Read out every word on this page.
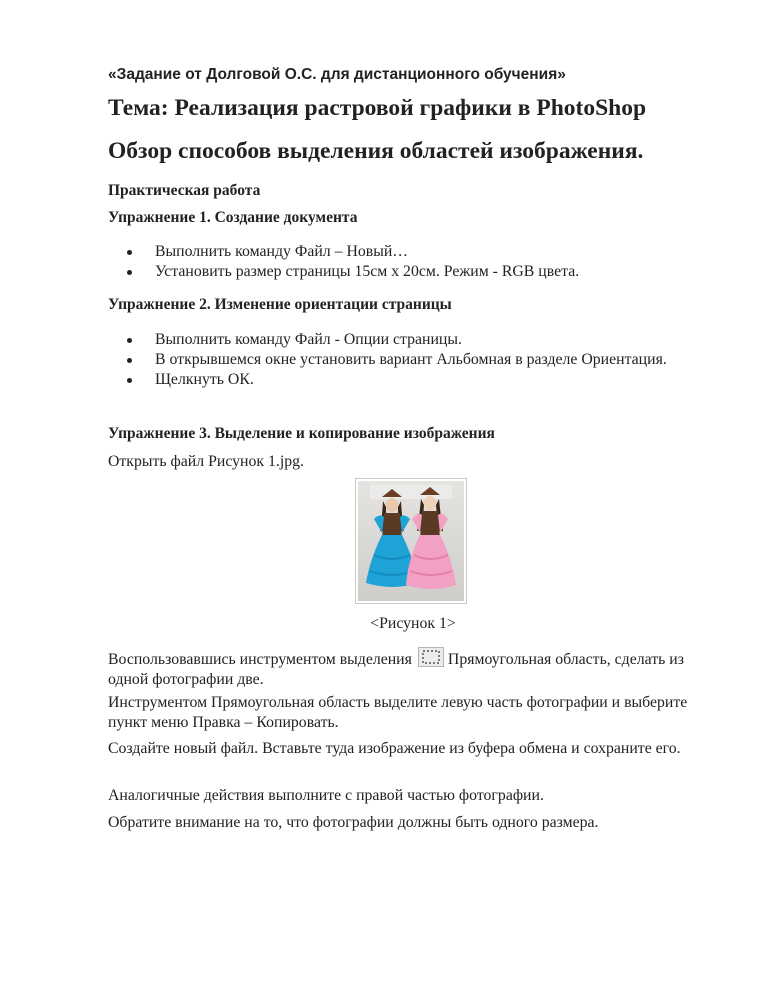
«Задание от Долговой О.С. для дистанционного обучения»
Тема: Реализация растровой графики в PhotoShop
Обзор способов выделения областей изображения.
Практическая работа
Упражнение 1. Создание документа
Выполнить команду Файл – Новый…
Установить размер страницы 15см х 20см. Режим - RGB цвета.
Упражнение 2. Изменение ориентации страницы
Выполнить команду Файл - Опции страницы.
В открывшемся окне установить вариант Альбомная в разделе Ориентация.
Щелкнуть ОК.
Упражнение 3. Выделение и копирование изображения
Открыть файл Рисунок 1.jpg.
<Рисунок 1>
Воспользовавшись инструментом выделения Прямоугольная область, сделать из одной фотографии две.
Инструментом Прямоугольная область выделите левую часть фотографии и выберите пункт меню Правка – Копировать.
Создайте новый файл. Вставьте туда изображение из буфера обмена и сохраните его.
Аналогичные действия выполните с правой частью фотографии.
Обратите внимание на то, что фотографии должны быть одного размера.
